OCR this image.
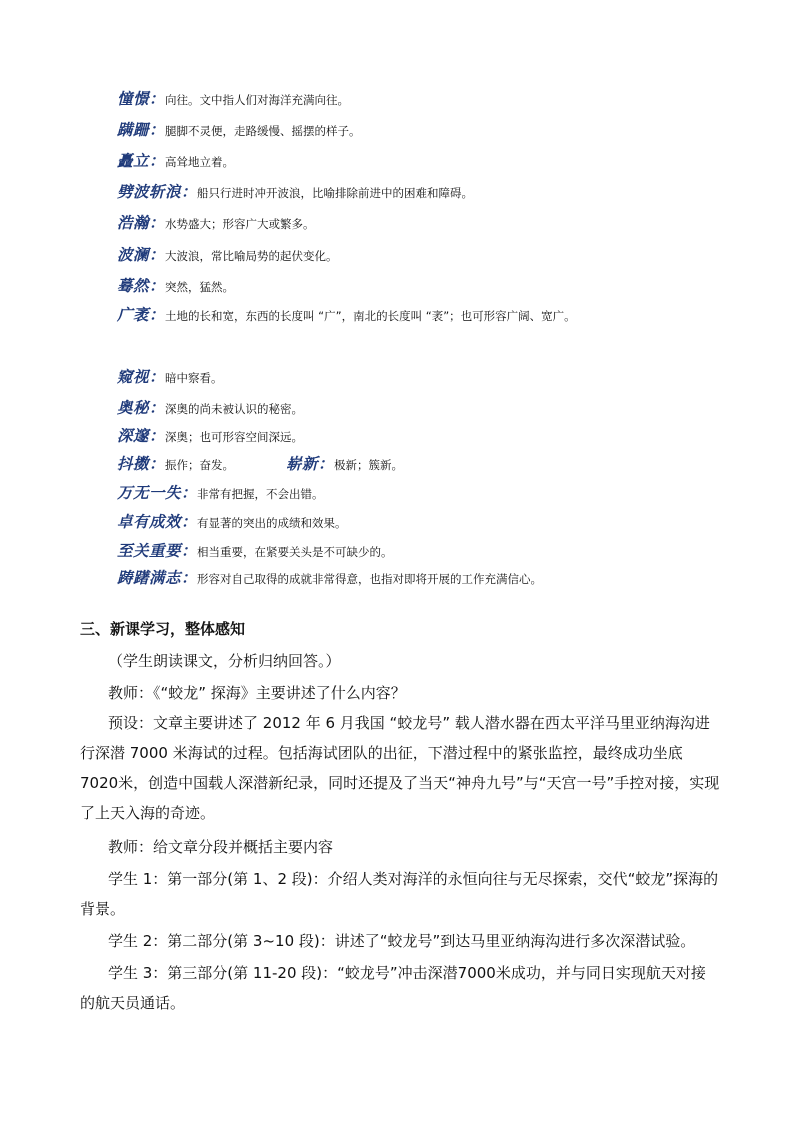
憧憬：向往。文中指人们对海洋充满向往。
蹒跚：腿脚不灵便，走路缓慢、摇摆的样子。
矗立：高耸地立着。
劈波斩浪：船只行进时冲开波浪，比喻排除前进中的困难和障碍。
浩瀚：水势盛大；形容广大或繁多。
波澜：大波浪，常比喻局势的起伏变化。
蓦然：突然，猛然。
广袤：土地的长和宽，东西的长度叫 “广”，南北的长度叫 “袤”；也可形容广阔、宽广。
窥视：暗中察看。
奥秘：深奥的尚未被认识的秘密。
深邃：深奥；也可形容空间深远。
抖擞：振作；奋发。	崭新：极新；簇新。
万无一失：非常有把握，不会出错。
卓有成效：有显著的突出的成绩和效果。
至关重要：相当重要，在紧要关头是不可缺少的。
踌躇满志：形容对自己取得的成就非常得意，也指对即将开展的工作充满信心。
三、新课学习，整体感知
（学生朗读课文，分析归纳回答。）
教师：《“蛟龙” 探海》主要讲述了什么内容？
预设：文章主要讲述了 2012 年 6 月我国 “蛟龙号” 载人潜水器在西太平洋马里亚纳海沟进行深潜 7000 米海试的过程。包括海试团队的出征，下潜过程中的紧张监控，最终成功坐底7020米，创造中国载人深潜新纪录，同时还提及了当天“神舟九号”与“天宫一号”手控对接，实现了上天入海的奇迹。
教师：给文章分段并概括主要内容
学生 1：第一部分(第 1、2 段)：介绍人类对海洋的永恒向往与无尽探索，交代“蛟龙”探海的背景。
学生 2：第二部分(第 3~10 段)：讲述了“蛟龙号”到达马里亚纳海沟进行多次深潜试验。
学生 3：第三部分(第 11-20 段)：“蛟龙号”冲击深潜7000米成功，并与同日实现航天对接的航天员通话。
